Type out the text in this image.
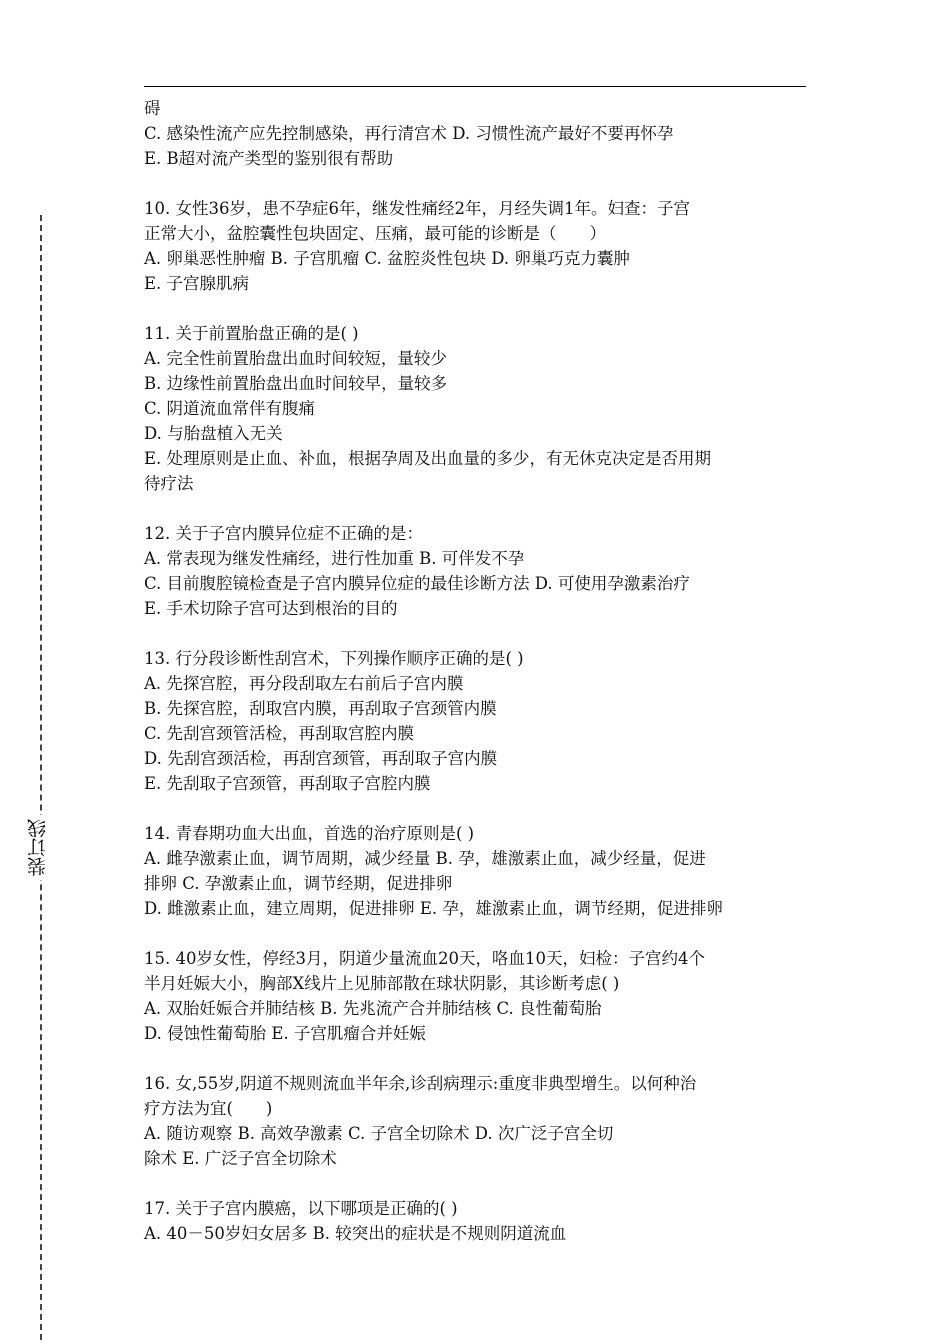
装订线
碍
C. 感染性流产应先控制感染，再行清宫术 D. 习惯性流产最好不要再怀孕
E. B超对流产类型的鉴别很有帮助
10. 女性36岁，患不孕症6年，继发性痛经2年，月经失调1年。妇查：子宫
正常大小，盆腔囊性包块固定、压痛，最可能的诊断是（　　）
A. 卵巢恶性肿瘤 B. 子宫肌瘤 C. 盆腔炎性包块 D. 卵巢巧克力囊肿
E. 子宫腺肌病
11. 关于前置胎盘正确的是( )
A. 完全性前置胎盘出血时间较短，量较少
B. 边缘性前置胎盘出血时间较早，量较多
C. 阴道流血常伴有腹痛
D. 与胎盘植入无关
E. 处理原则是止血、补血，根据孕周及出血量的多少，有无休克决定是否用期
待疗法
12. 关于子宫内膜异位症不正确的是：
A. 常表现为继发性痛经，进行性加重 B. 可伴发不孕
C. 目前腹腔镜检查是子宫内膜异位症的最佳诊断方法 D. 可使用孕激素治疗
E. 手术切除子宫可达到根治的目的
13. 行分段诊断性刮宫术，下列操作顺序正确的是( )
A. 先探宫腔，再分段刮取左右前后子宫内膜
B. 先探宫腔，刮取宫内膜，再刮取子宫颈管内膜
C. 先刮宫颈管活检，再刮取宫腔内膜
D. 先刮宫颈活检，再刮宫颈管，再刮取子宫内膜
E. 先刮取子宫颈管，再刮取子宫腔内膜
14. 青春期功血大出血，首选的治疗原则是( )
A. 雌孕激素止血，调节周期，减少经量 B. 孕，雄激素止血，减少经量，促进
排卵 C. 孕激素止血，调节经期，促进排卵
D. 雌激素止血，建立周期，促进排卵 E. 孕，雄激素止血，调节经期，促进排卵
15. 40岁女性，停经3月，阴道少量流血20天，咯血10天，妇检：子宫约4个
半月妊娠大小，胸部X线片上见肺部散在球状阴影，其诊断考虑( )
A. 双胎妊娠合并肺结核 B. 先兆流产合并肺结核 C. 良性葡萄胎
D. 侵蚀性葡萄胎 E. 子宫肌瘤合并妊娠
16. 女,55岁,阴道不规则流血半年余,诊刮病理示:重度非典型增生。以何种治
疗方法为宜(　　)
A. 随访观察 B. 高效孕激素 C. 子宫全切除术 D. 次广泛子宫全切
除术 E. 广泛子宫全切除术
17. 关于子宫内膜癌，以下哪项是正确的( )
A. 40－50岁妇女居多 B. 较突出的症状是不规则阴道流血
